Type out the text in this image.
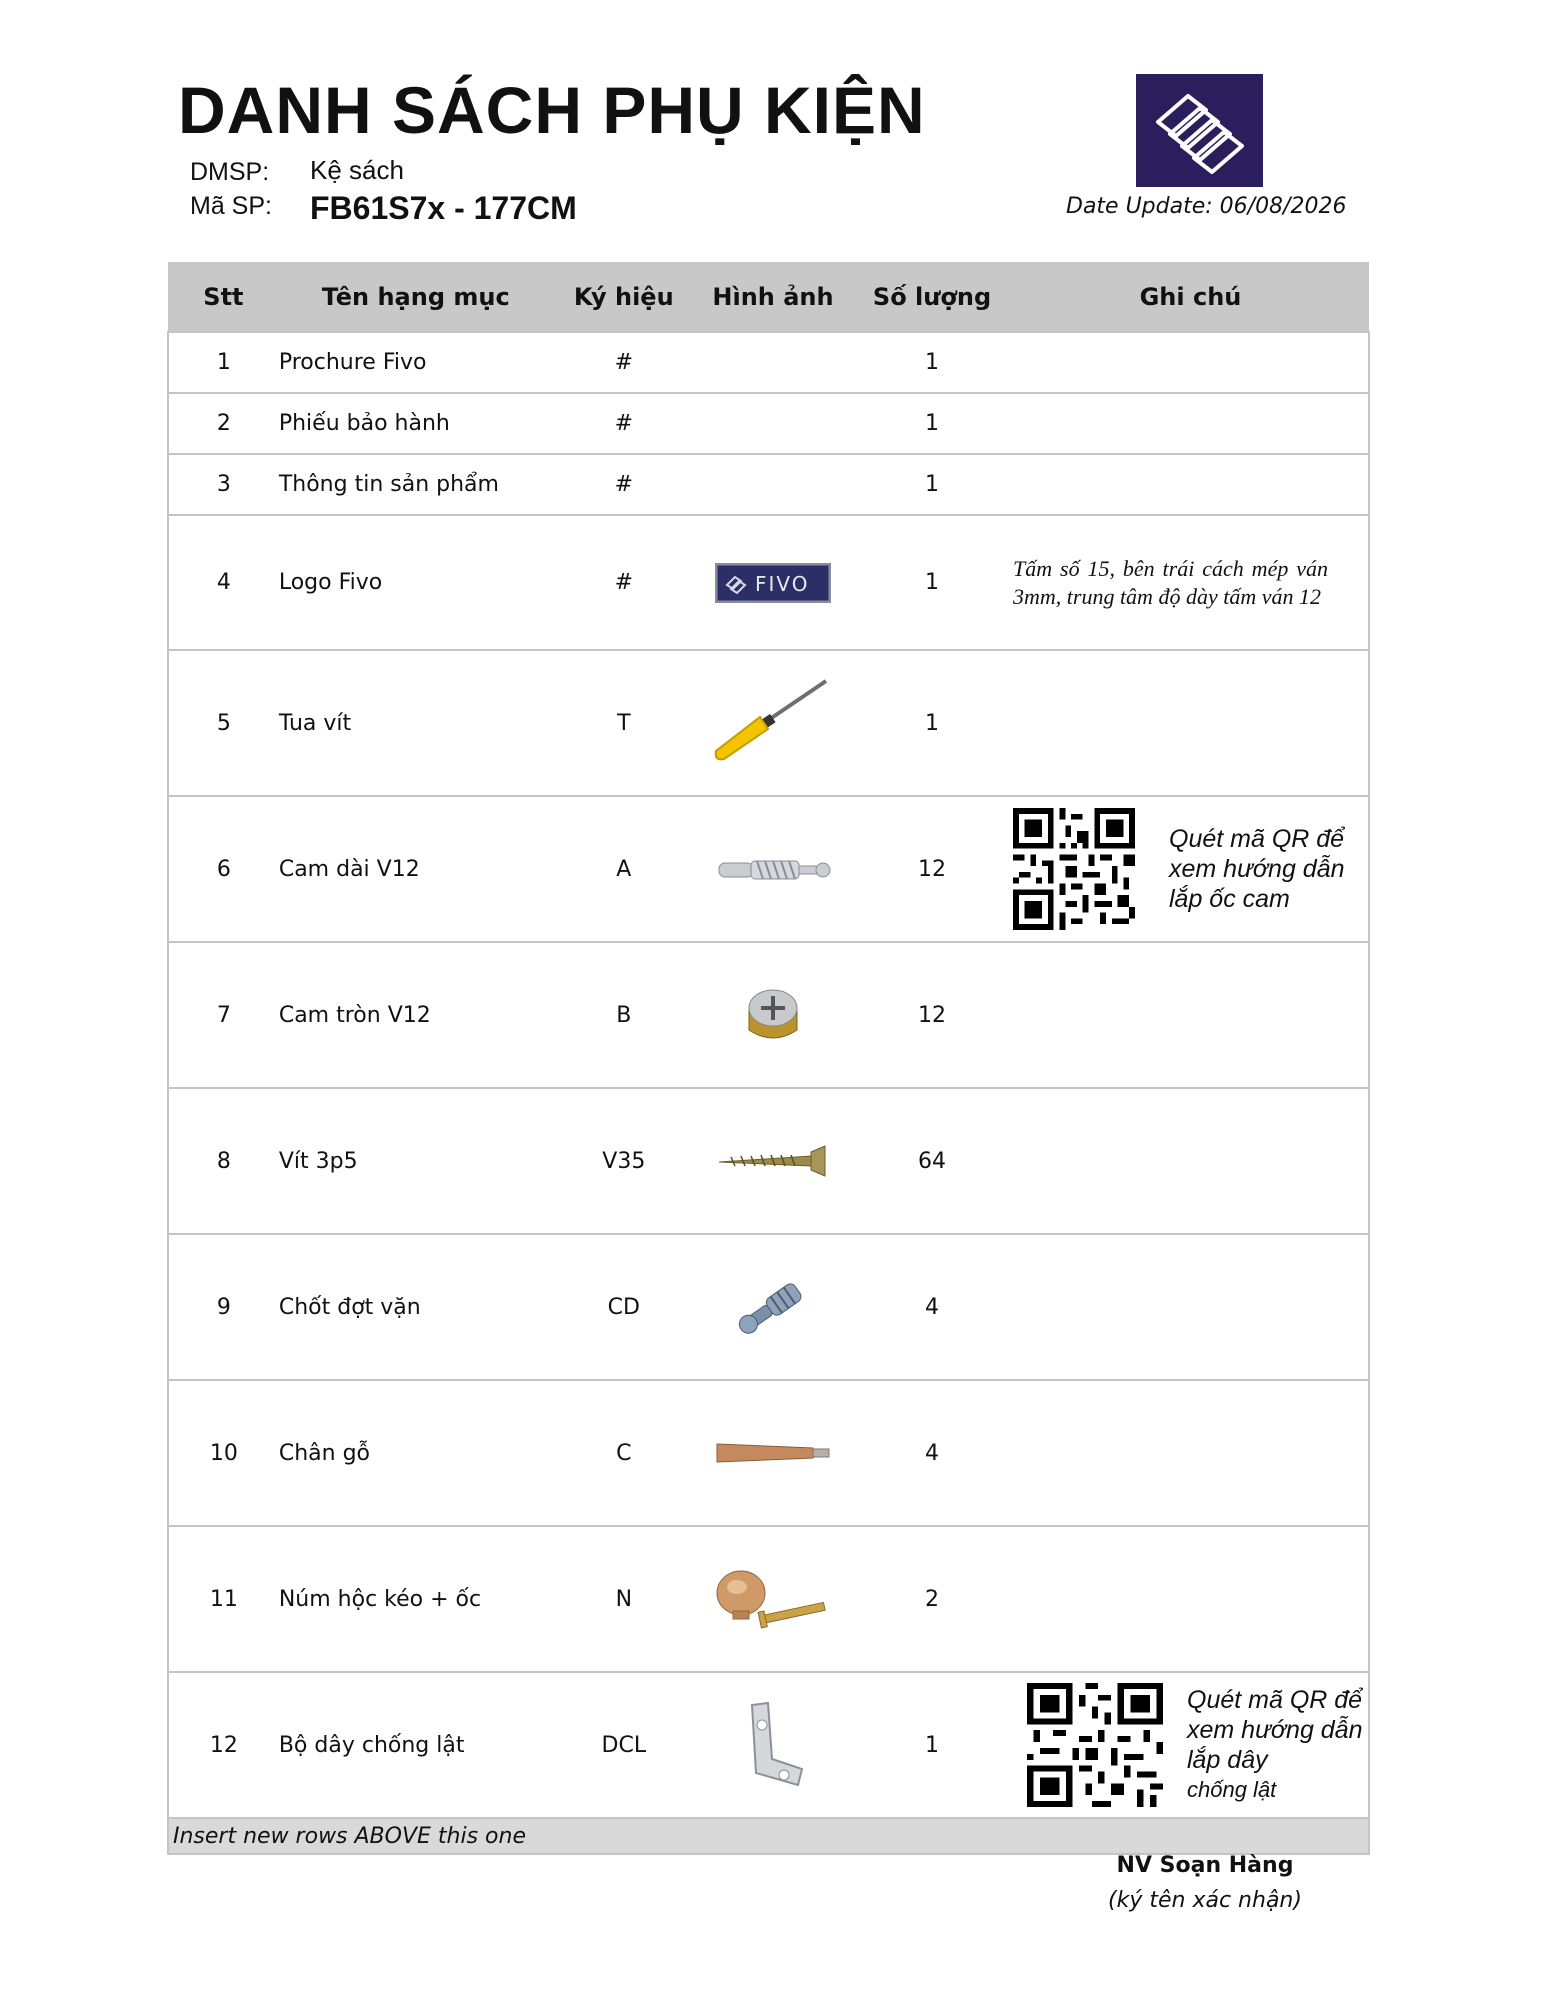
DANH SÁCH PHỤ KIỆN
DMSP: Kệ sách
Mã SP: FB61S7x - 177CM	Date Update: 06/08/2026
Stt	Tên hạng mục	Ký hiệu	Hình ảnh	Số lượng	Ghi chú
1	Prochure Fivo	#		1	
2	Phiếu bảo hành	#		1	
3	Thông tin sản phẩm	#		1	
4	Logo Fivo	#	FIVO	1	Tấm số 15, bên trái cách mép ván 3mm, trung tâm độ dày tấm ván 12
5	Tua vít	T		1	
6	Cam dài V12	A		12	Quét mã QR để xem hướng dẫn lắp ốc cam

7	Cam tròn V12	B		12	
8	Vít 3p5	V35		64	
9	Chốt đợt vặn	CD		4	
10	Chân gỗ	C		4	
11	Núm hộc kéo + ốc	N		2	
12	Bộ dây chống lật	DCL		1	Quét mã QR để xem hướng dẫn lắp dây
chống lật

Insert new rows ABOVE this one					
NV Soạn Hàng
(ký tên xác nhận)
